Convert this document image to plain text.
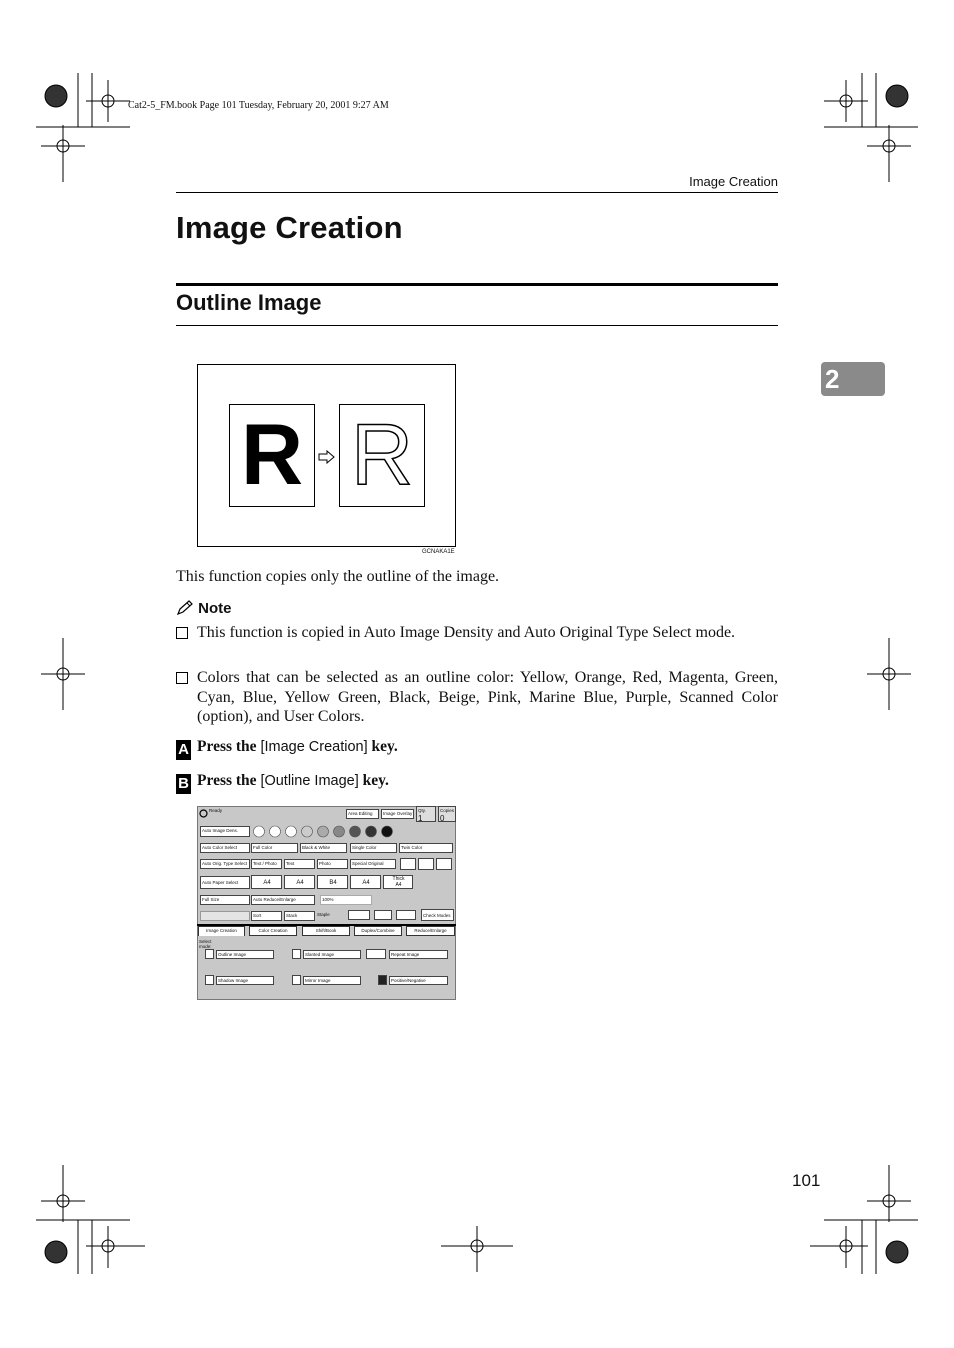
Cat2-5_FM.book Page 101 Tuesday, February 20, 2001 9:27 AM
Image Creation
2
Image Creation
Outline Image
R R
GCNAKA1E
This function copies only the outline of the image.
Note
This function is copied in Auto Image Density and Auto Original Type Select mode.
Colors that can be selected as an outline color: Yellow, Orange, Red, Magenta, Green, Cyan, Blue, Yellow Green, Black, Beige, Pink, Marine Blue, Purple, Scanned Color (option), and User Colors.
A Press the [Image Creation] key.
B Press the [Outline Image] key.
Ready
Area Editing	Image Overlay
Qty.
1
Copies
0
Auto Image Dens.
Auto Color Select	Full Color	Black & White	Single Color	Twin Color
Auto Orig. Type Select	Text / Photo	Text	Photo	Special Original
Auto Paper Select	A4	A4	B4	A4
Thick
A4
Full Size	Auto Reduce/Enlarge	100%
Sort	Stack	Staple	Check Modes
Image Creation	Color Creation	Shift/Book	Duplex/Combine	Reduce/Enlarge
Select mode:
Outline Image	Slanted Image	Repeat Image
Shadow Image	Mirror Image	Positive/Negative
101
